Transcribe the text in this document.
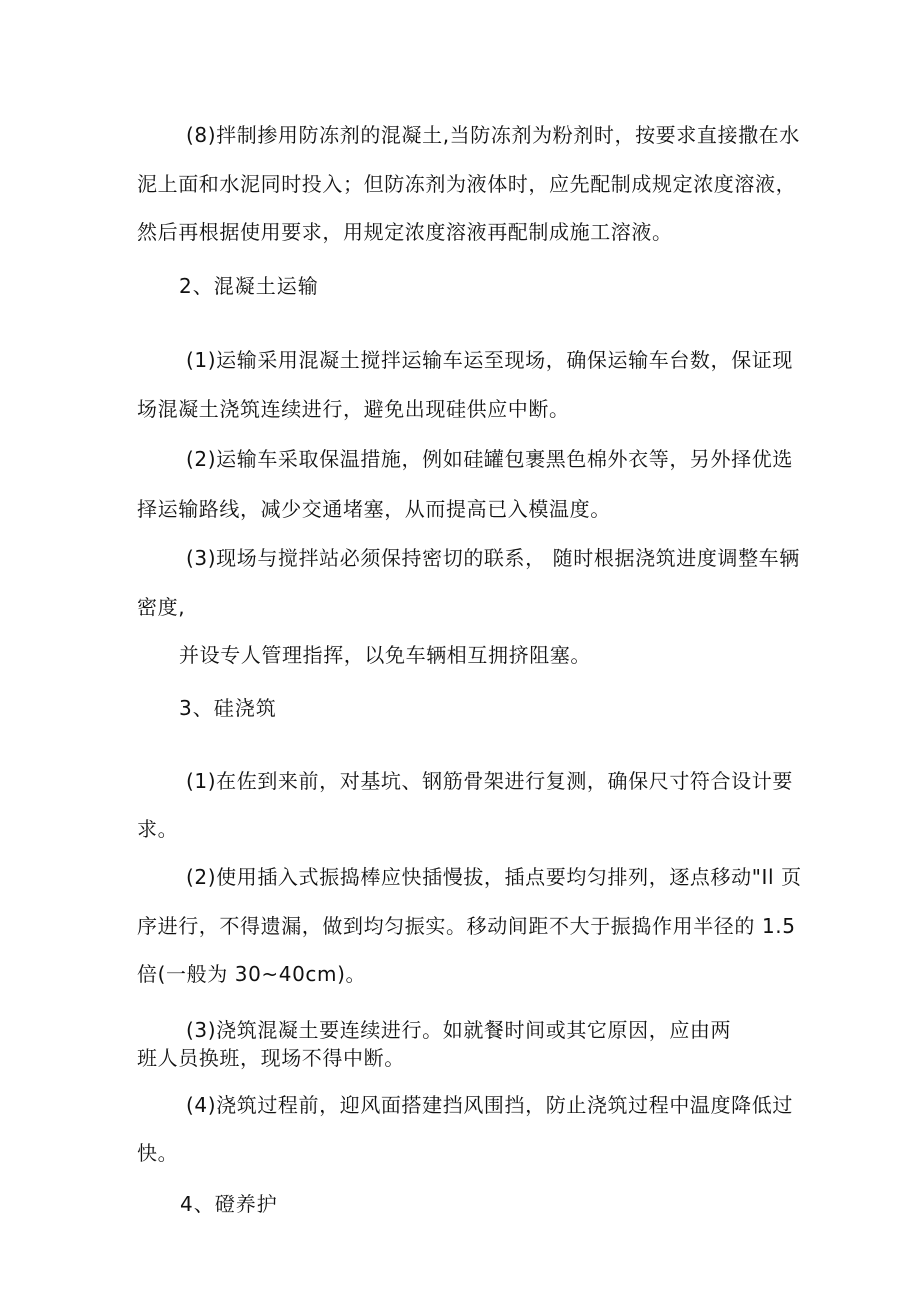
(8)拌制掺用防冻剂的混凝土,当防冻剂为粉剂时，按要求直接撒在水
泥上面和水泥同时投入；但防冻剂为液体时，应先配制成规定浓度溶液，
然后再根据使用要求，用规定浓度溶液再配制成施工溶液。
2、混凝土运输
(1)运输采用混凝土搅拌运输车运至现场，确保运输车台数，保证现
场混凝土浇筑连续进行，避免出现硅供应中断。
(2)运输车采取保温措施，例如硅罐包裹黑色棉外衣等，另外择优选
择运输路线，减少交通堵塞，从而提高已入模温度。
(3)现场与搅拌站必须保持密切的联系， 随时根据浇筑进度调整车辆
密度,
并设专人管理指挥，以免车辆相互拥挤阻塞。
3、硅浇筑
(1)在佐到来前，对基坑、钢筋骨架进行复测，确保尺寸符合设计要
求。
(2)使用插入式振捣棒应快插慢拔，插点要均匀排列，逐点移动"Il 页
序进行，不得遗漏，做到均匀振实。移动间距不大于振捣作用半径的 1.5
倍(一般为 30~40cm)。
(3)浇筑混凝土要连续进行。如就餐时间或其它原因，应由两
班人员换班，现场不得中断。
(4)浇筑过程前，迎风面搭建挡风围挡，防止浇筑过程中温度降低过
快。
4、磴养护
